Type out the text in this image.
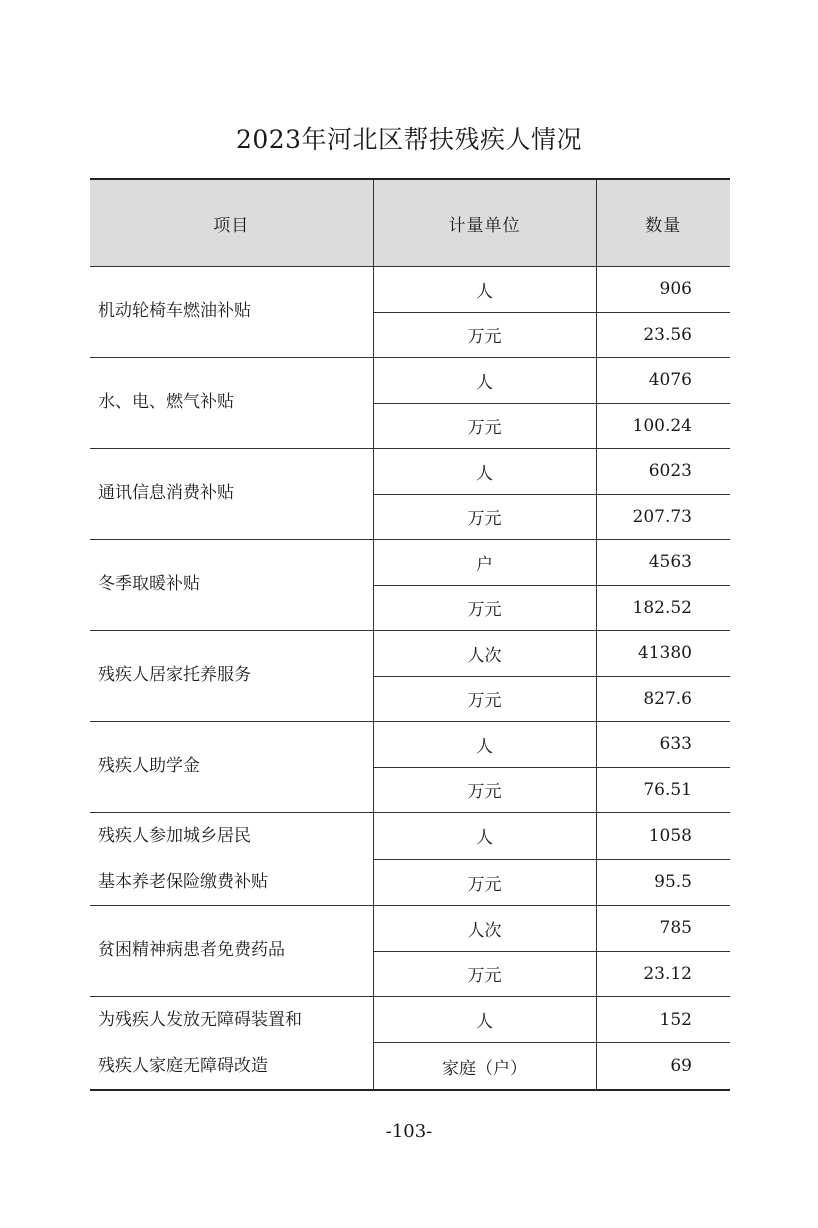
2023年河北区帮扶残疾人情况
项目	计量单位	数量
机动轮椅车燃油补贴	人	906
	万元	23.56
水、电、燃气补贴	人	4076
	万元	100.24
通讯信息消费补贴	人	6023
	万元	207.73
冬季取暖补贴	户	4563
	万元	182.52
残疾人居家托养服务	人次	41380
	万元	827.6
残疾人助学金	人	633
	万元	76.51
残疾人参加城乡居民
基本养老保险缴费补贴	人	1058
	万元	95.5
贫困精神病患者免费药品	人次	785
	万元	23.12
为残疾人发放无障碍装置和
残疾人家庭无障碍改造	人	152
	家庭（户）	69
-103-
